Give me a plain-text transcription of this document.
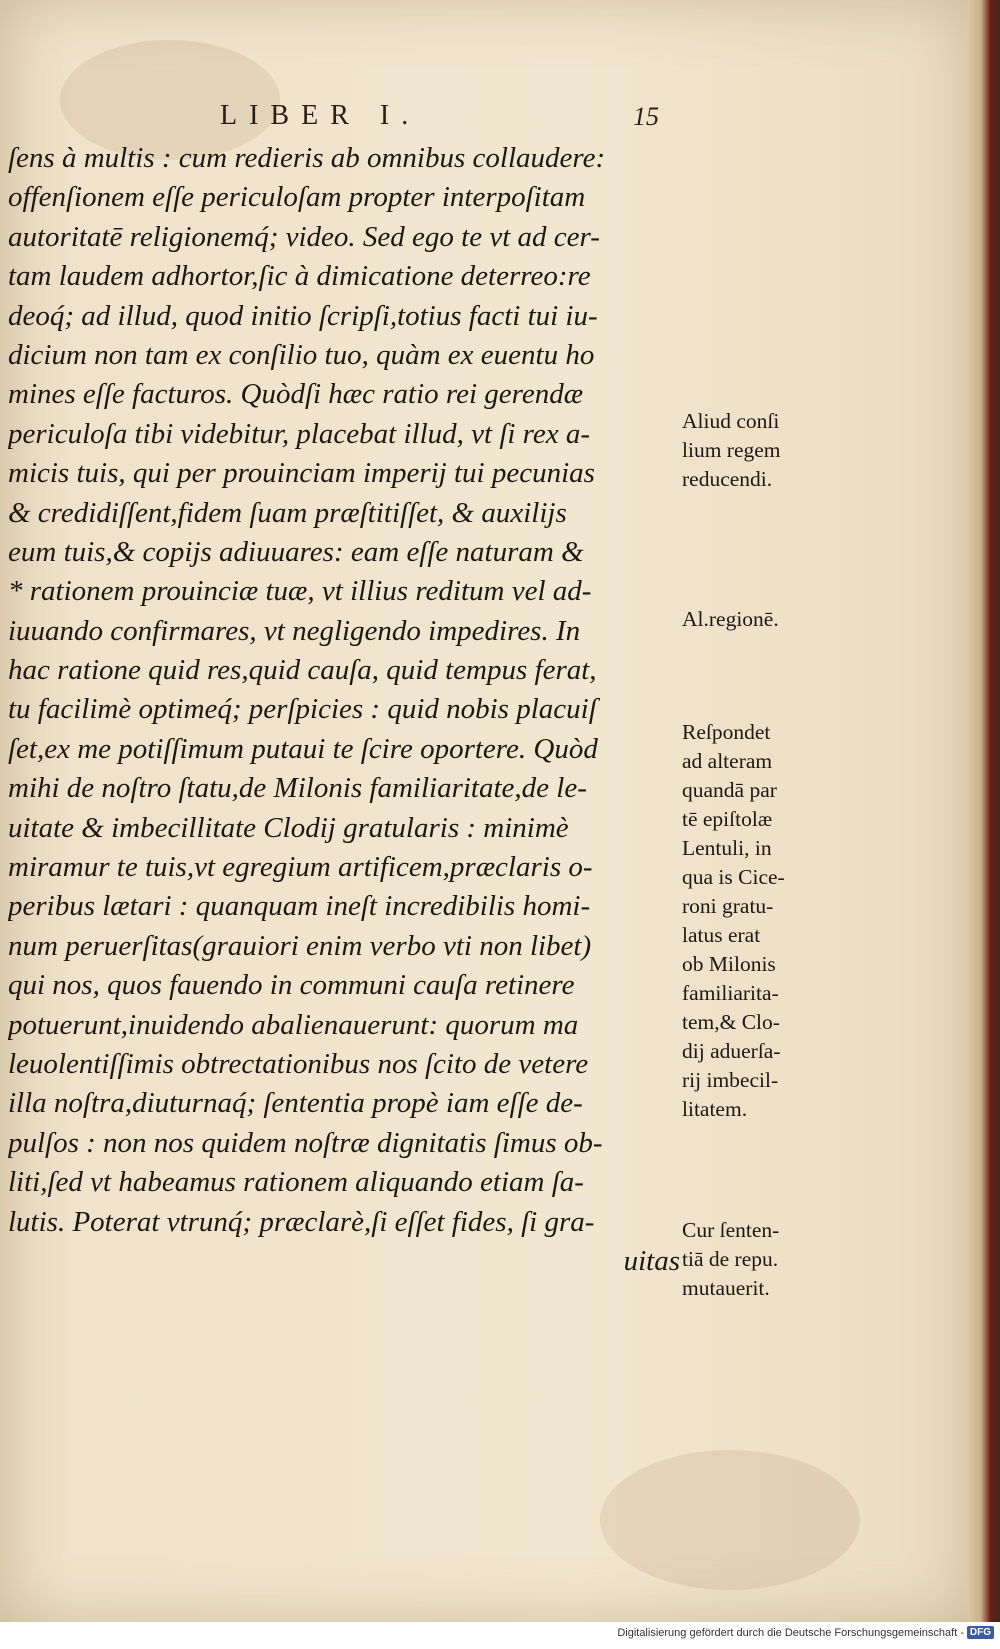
LIBER I.	15
ſens à multis : cum redieris ab omnibus collaudere:
offenſionem eſſe periculoſam propter interpoſitam
autoritatē religionemq́; video. Sed ego te vt ad cer-
tam laudem adhortor,ſic à dimicatione deterreo:re
deoq́; ad illud, quod initio ſcripſi,totius facti tui iu-
dicium non tam ex conſilio tuo, quàm ex euentu ho
mines eſſe facturos. Quòdſi hæc ratio rei gerendæ
periculoſa tibi videbitur, placebat illud, vt ſi rex a-
micis tuis, qui per prouinciam imperij tui pecunias
& credidiſſent,fidem ſuam præſtitiſſet, & auxilijs
eum tuis,& copijs adiuuares: eam eſſe naturam &
* rationem prouinciæ tuæ, vt illius reditum vel ad-
iuuando confirmares, vt negligendo impedires. In
hac ratione quid res,quid cauſa, quid tempus ferat,
tu facilimè optimeq́; perſpicies : quid nobis placuiſ
ſet,ex me potiſſimum putaui te ſcire oportere. Quòd
mihi de noſtro ſtatu,de Milonis familiaritate,de le-
uitate & imbecillitate Clodij gratularis : minimè
miramur te tuis,vt egregium artificem,præclaris o-
peribus lætari : quanquam ineſt incredibilis homi-
num peruerſitas(grauiori enim verbo vti non libet)
qui nos, quos fauendo in communi cauſa retinere
potuerunt,inuidendo abalienauerunt: quorum ma
leuolentiſſimis obtrectationibus nos ſcito de vetere
illa noſtra,diuturnaq́; ſententia propè iam eſſe de-
pulſos : non nos quidem noſtræ dignitatis ſimus ob-
liti,ſed vt habeamus rationem aliquando etiam ſa-
lutis. Poterat vtrunq́; præclarè,ſi eſſet fides, ſi gra-
uitas
Aliud conſi
lium regem
reducendi.
Al.regionē.
Reſpondet
ad alteram
quandā par
tē epiſtolæ
Lentuli, in
qua is Cice-
roni gratu-
latus erat
ob Milonis
familiarita-
tem,& Clo-
dij aduerſa-
rij imbecil-
litatem.
Cur ſenten-
tiā de repu.
mutauerit.
Digitalisierung gefördert durch die Deutsche Forschungsgemeinschaft - DFG
